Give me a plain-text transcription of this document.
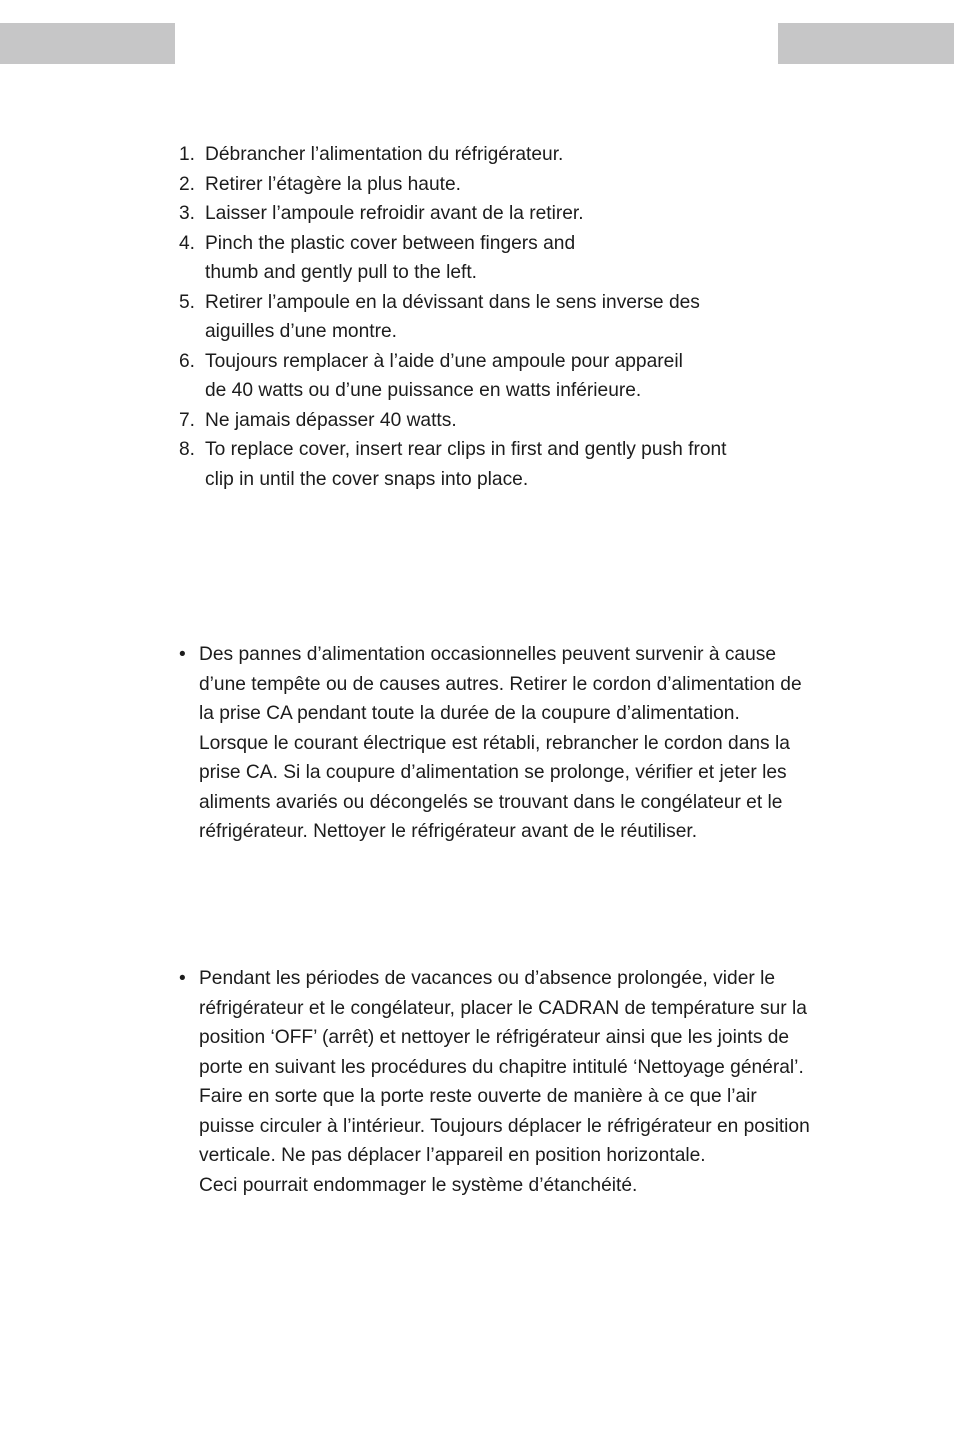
1. Débrancher l’alimentation du réfrigérateur.
2. Retirer l’étagère la plus haute.
3. Laisser l’ampoule refroidir avant de la retirer.
4. Pinch the plastic cover between fingers and
thumb and gently pull to the left.
5. Retirer l’ampoule en la dévissant dans le sens inverse des
aiguilles d’une montre.
6. Toujours remplacer à l’aide d’une ampoule pour appareil
de 40 watts ou d’une puissance en watts inférieure.
7. Ne jamais dépasser 40 watts.
8. To replace cover, insert rear clips in first and gently push front
clip in until the cover snaps into place.
• Des pannes d’alimentation occasionnelles peuvent survenir à cause
d’une tempête ou de causes autres. Retirer le cordon d’alimentation de
la prise CA pendant toute la durée de la coupure d’alimentation.
Lorsque le courant électrique est rétabli, rebrancher le cordon dans la
prise CA. Si la coupure d’alimentation se prolonge, vérifier et jeter les
aliments avariés ou décongelés se trouvant dans le congélateur et le
réfrigérateur. Nettoyer le réfrigérateur avant de le réutiliser.
• Pendant les périodes de vacances ou d’absence prolongée, vider le
réfrigérateur et le congélateur, placer le CADRAN de température sur la
position ‘OFF’ (arrêt) et nettoyer le réfrigérateur ainsi que les joints de
porte en suivant les procédures du chapitre intitulé ‘Nettoyage général’.
Faire en sorte que la porte reste ouverte de manière à ce que l’air
puisse circuler à l’intérieur. Toujours déplacer le réfrigérateur en position
verticale. Ne pas déplacer l’appareil en position horizontale.
Ceci pourrait endommager le système d’étanchéité.
